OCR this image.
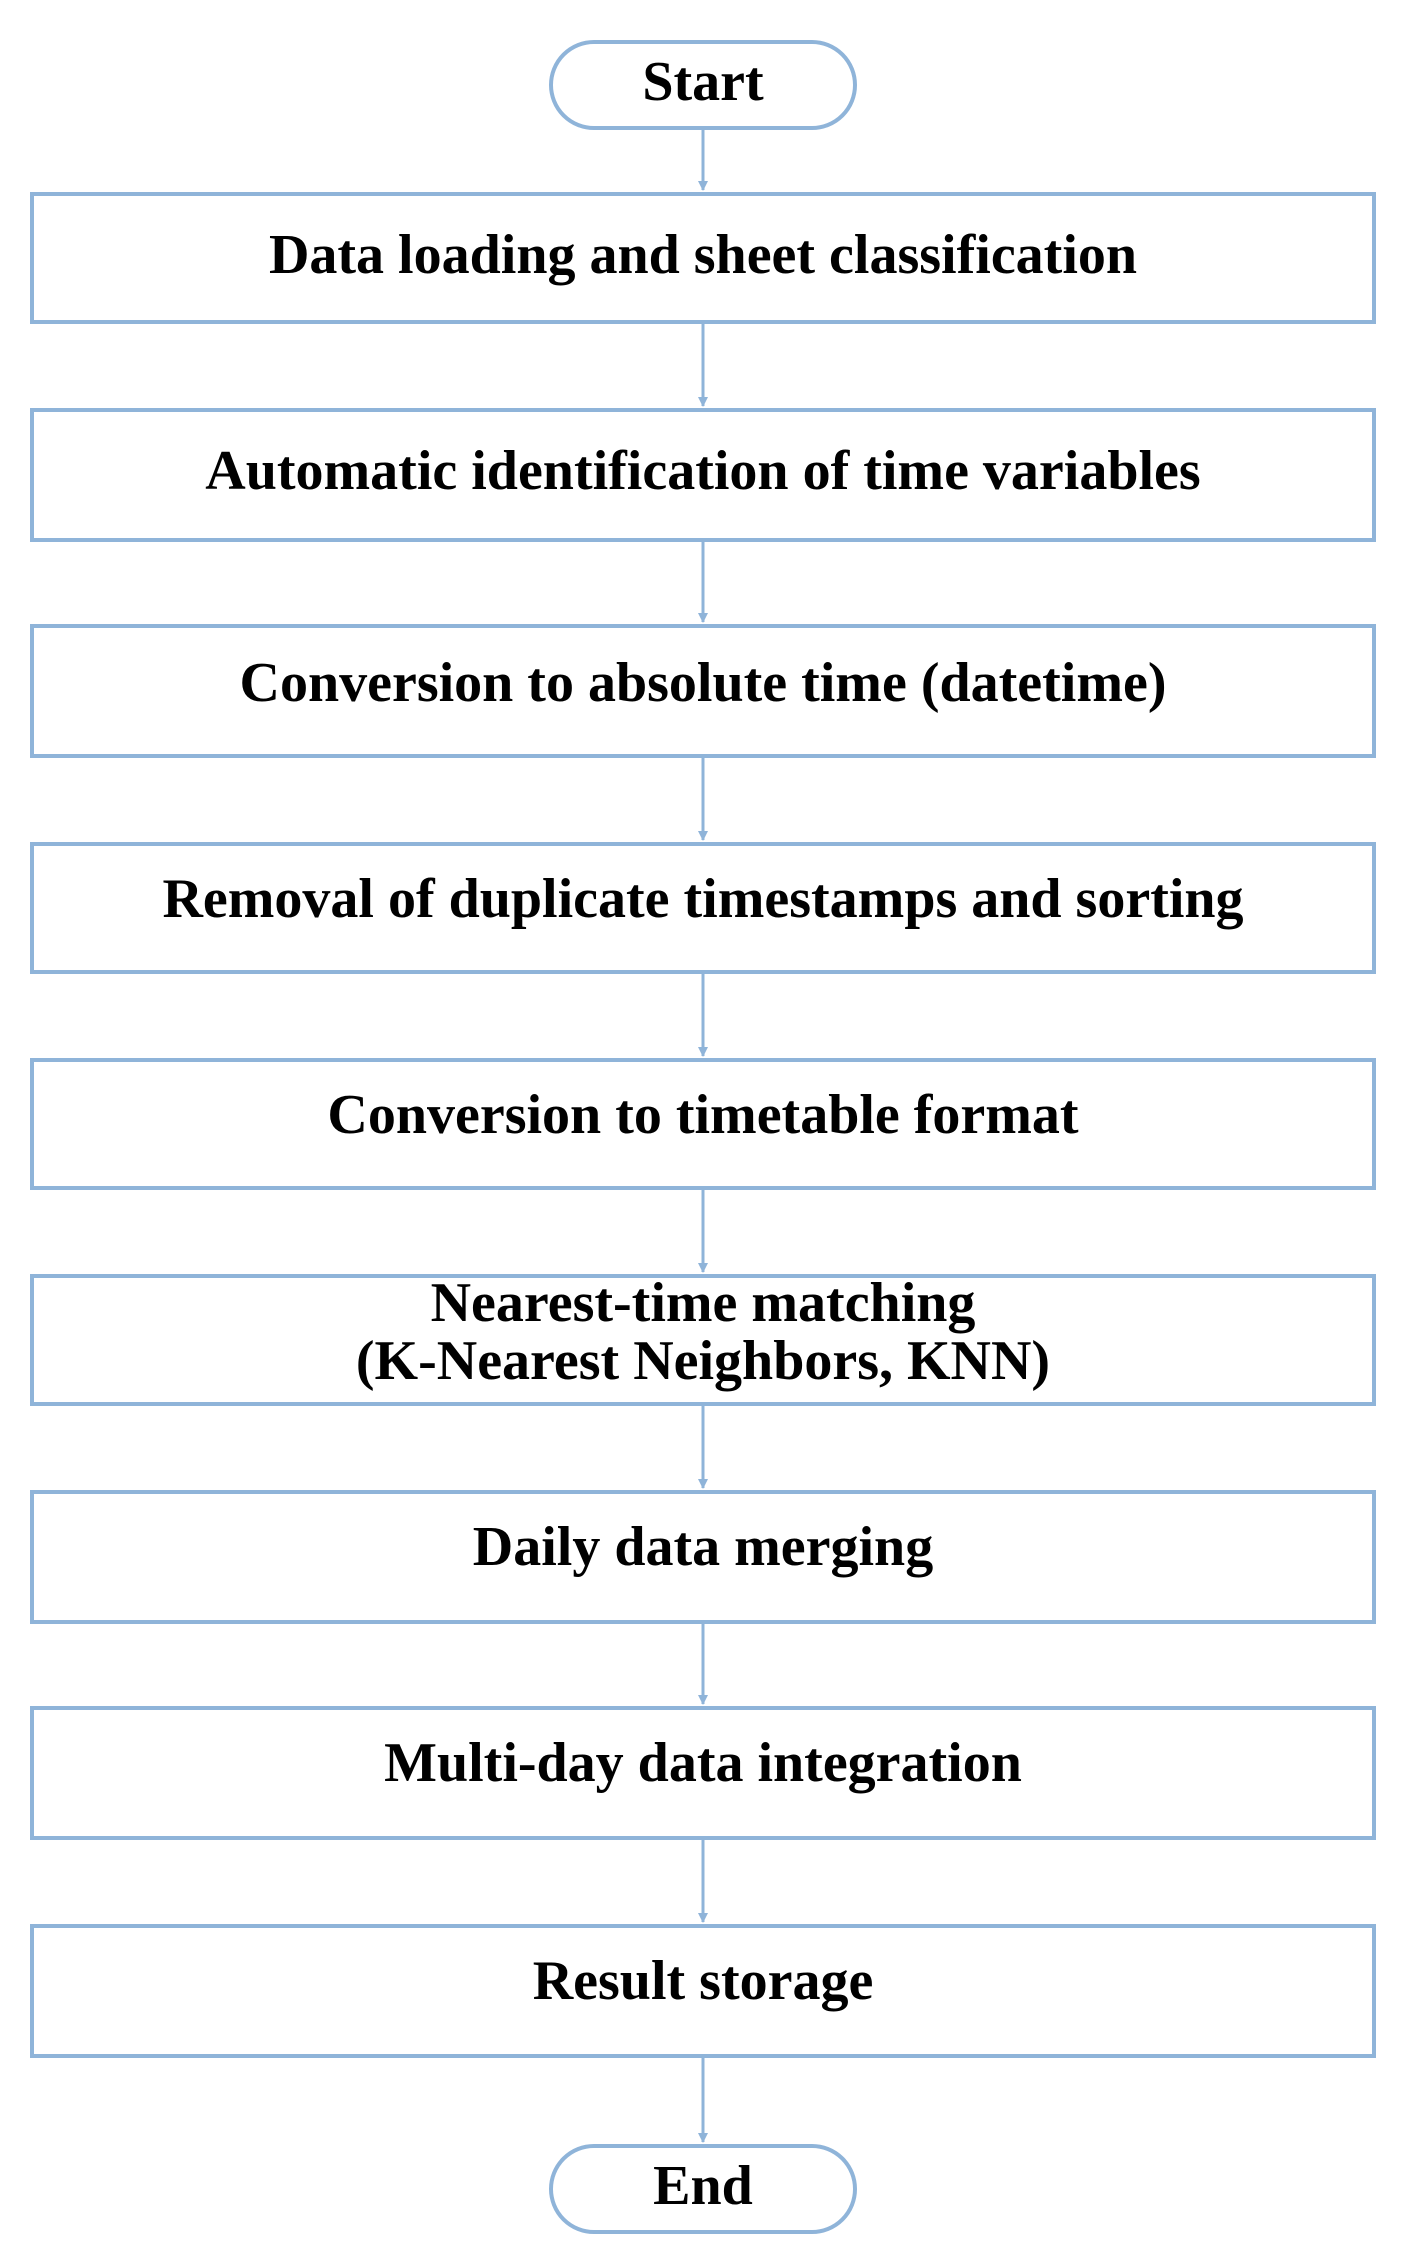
Start
Data loading and sheet classification
Automatic identification of time variables
Conversion to absolute time (datetime)
Removal of duplicate timestamps and sorting
Conversion to timetable format
Nearest-time matching
(K-Nearest Neighbors, KNN)
Daily data merging
Multi-day data integration
Result storage
End
